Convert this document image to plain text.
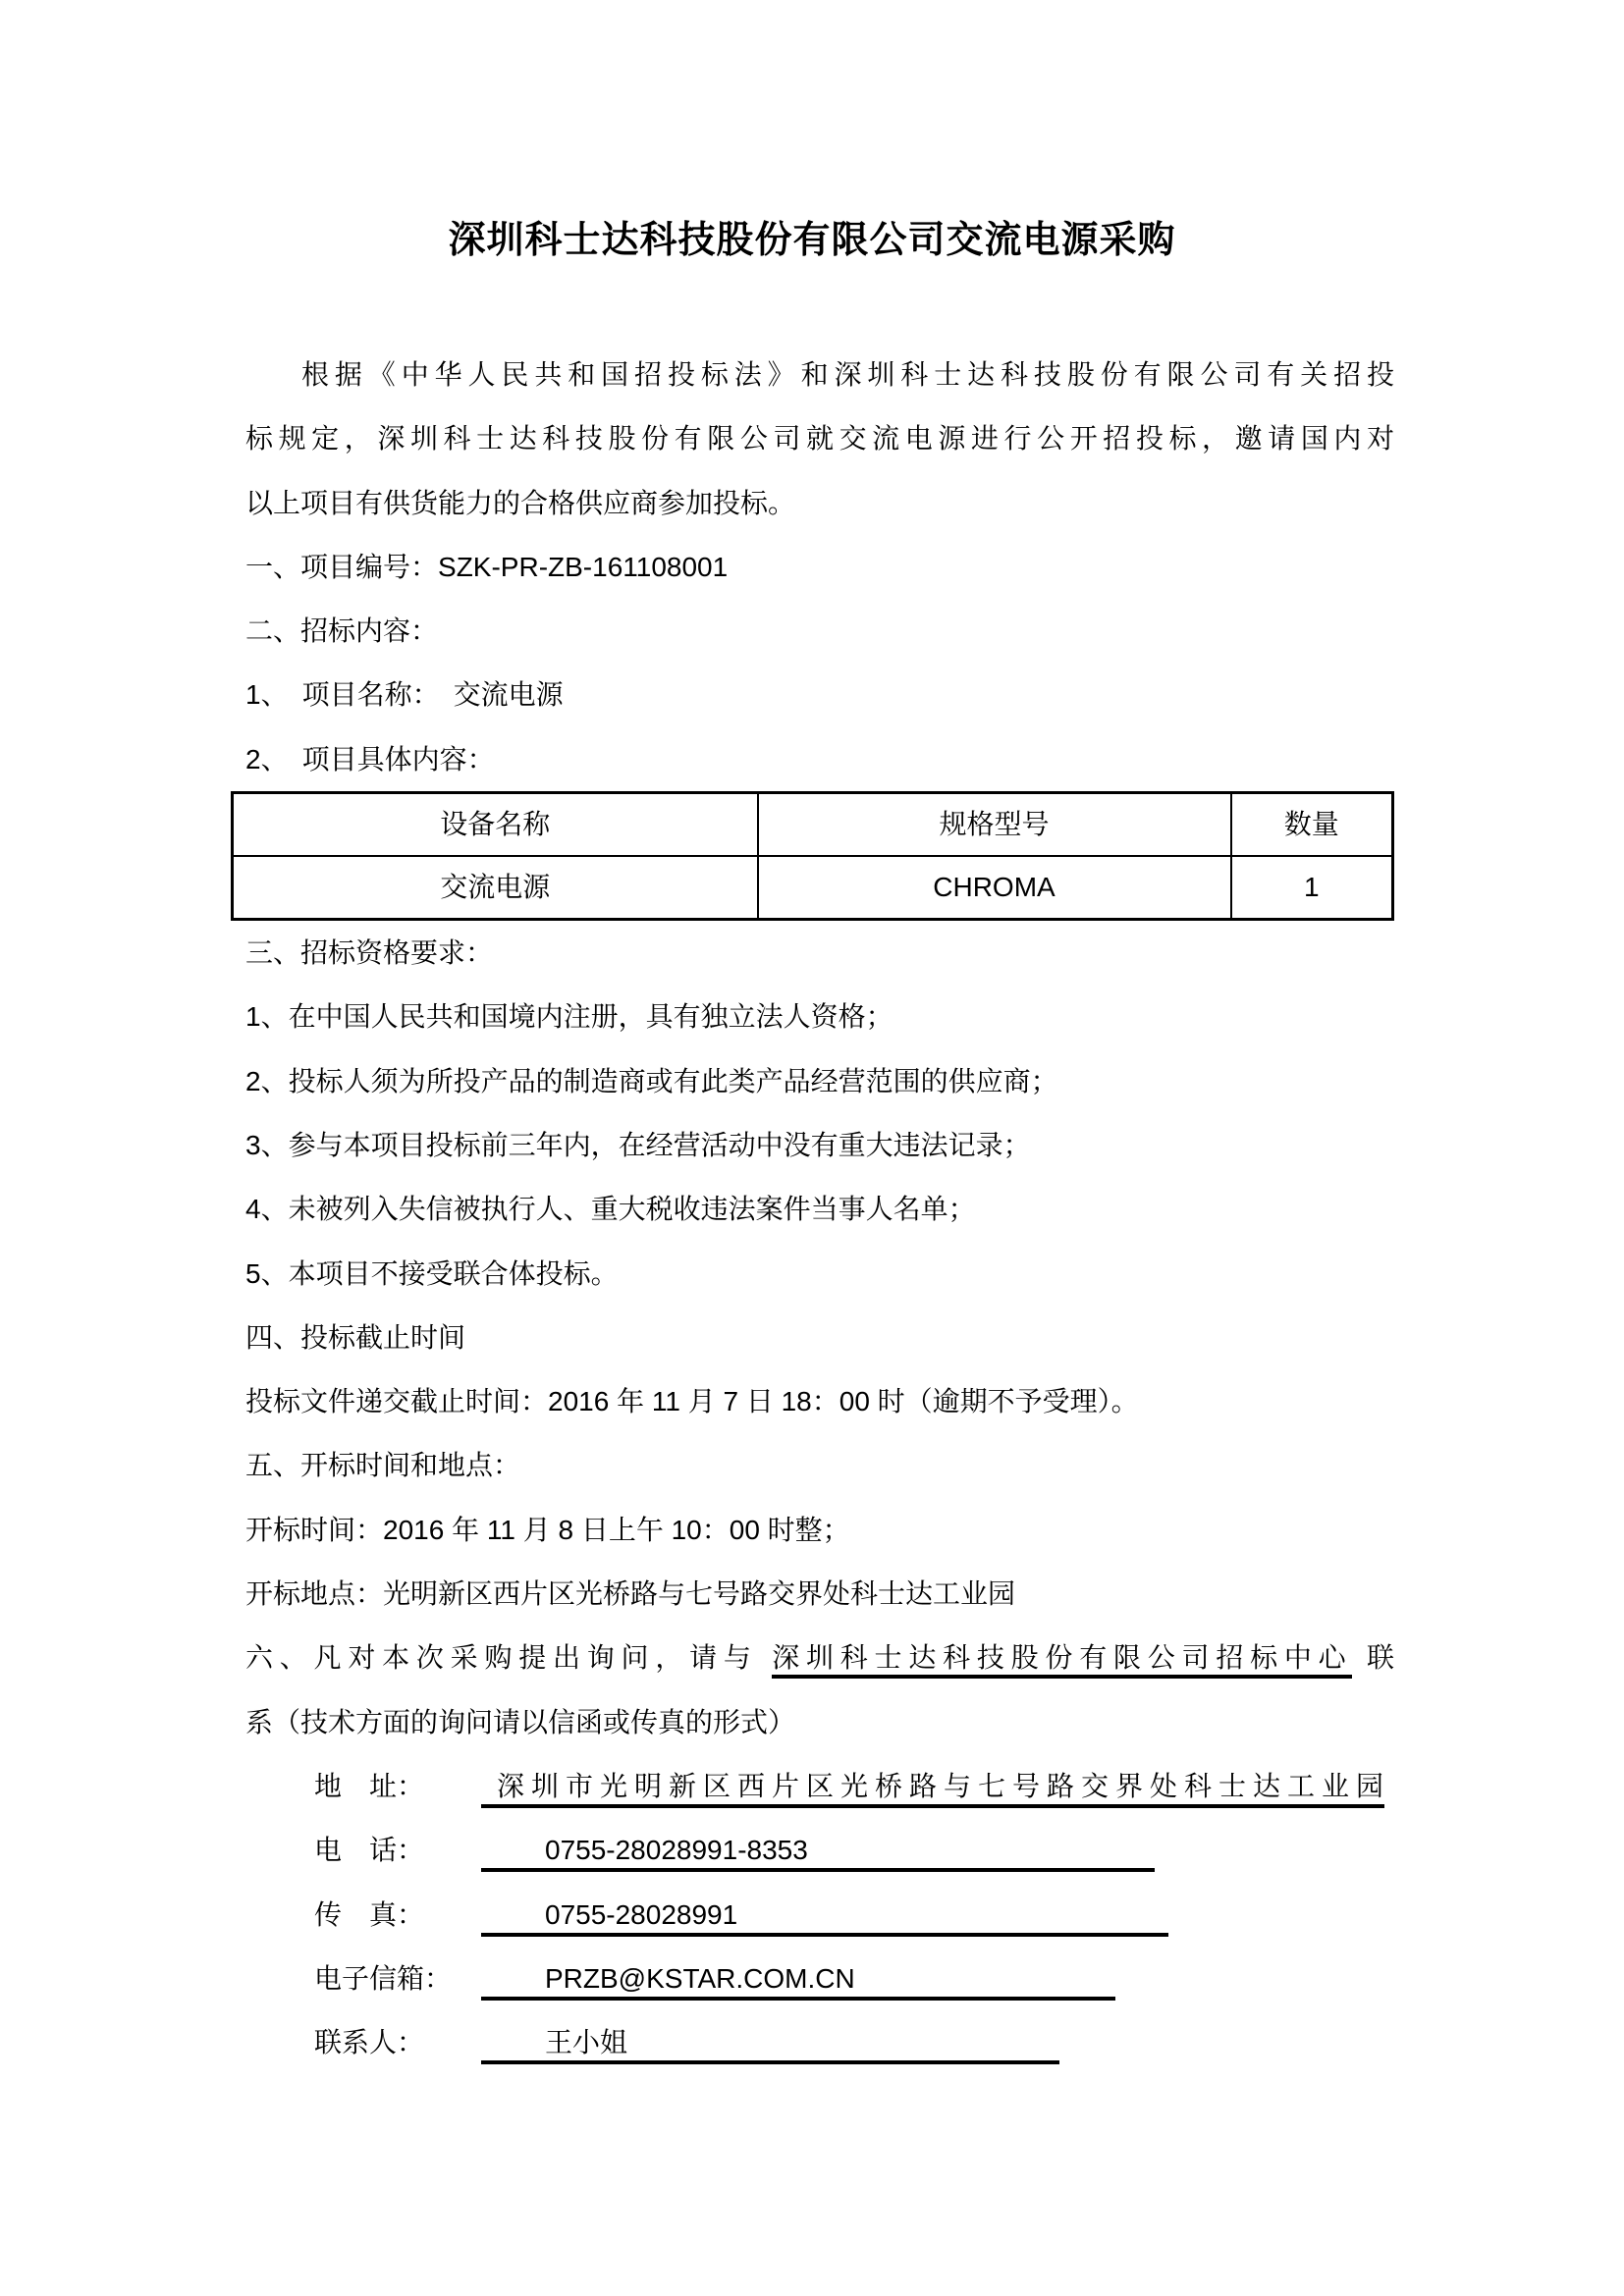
深圳科士达科技股份有限公司交流电源采购
根据《中华人民共和国招投标法》和深圳科士达科技股份有限公司有关招投
标规定，深圳科士达科技股份有限公司就交流电源进行公开招投标，邀请国内对
以上项目有供货能力的合格供应商参加投标。
一、项目编号：SZK-PR-ZB-161108001
二、招标内容：
1、　项目名称：　交流电源
2、　项目具体内容：
设备名称	规格型号	数量
交流电源	CHROMA	1
三、招标资格要求：
1、在中国人民共和国境内注册，具有独立法人资格；
2、投标人须为所投产品的制造商或有此类产品经营范围的供应商；
3、参与本项目投标前三年内，在经营活动中没有重大违法记录；
4、未被列入失信被执行人、重大税收违法案件当事人名单；
5、本项目不接受联合体投标。
四、投标截止时间
投标文件递交截止时间：2016 年 11 月 7 日 18：00 时（逾期不予受理）。
五、开标时间和地点：
开标时间：2016 年 11 月 8 日上午 10：00 时整；
开标地点：光明新区西片区光桥路与七号路交界处科士达工业园
六、凡对本次采购提出询问，请与 深圳科士达科技股份有限公司招标中心 联
系（技术方面的询问请以信函或传真的形式）
地　址：	深圳市光明新区西片区光桥路与七号路交界处科士达工业园
电　话：	0755-28028991-8353
传　真：	0755-28028991
电子信箱：	PRZB@KSTAR.COM.CN
联系人：	王小姐
